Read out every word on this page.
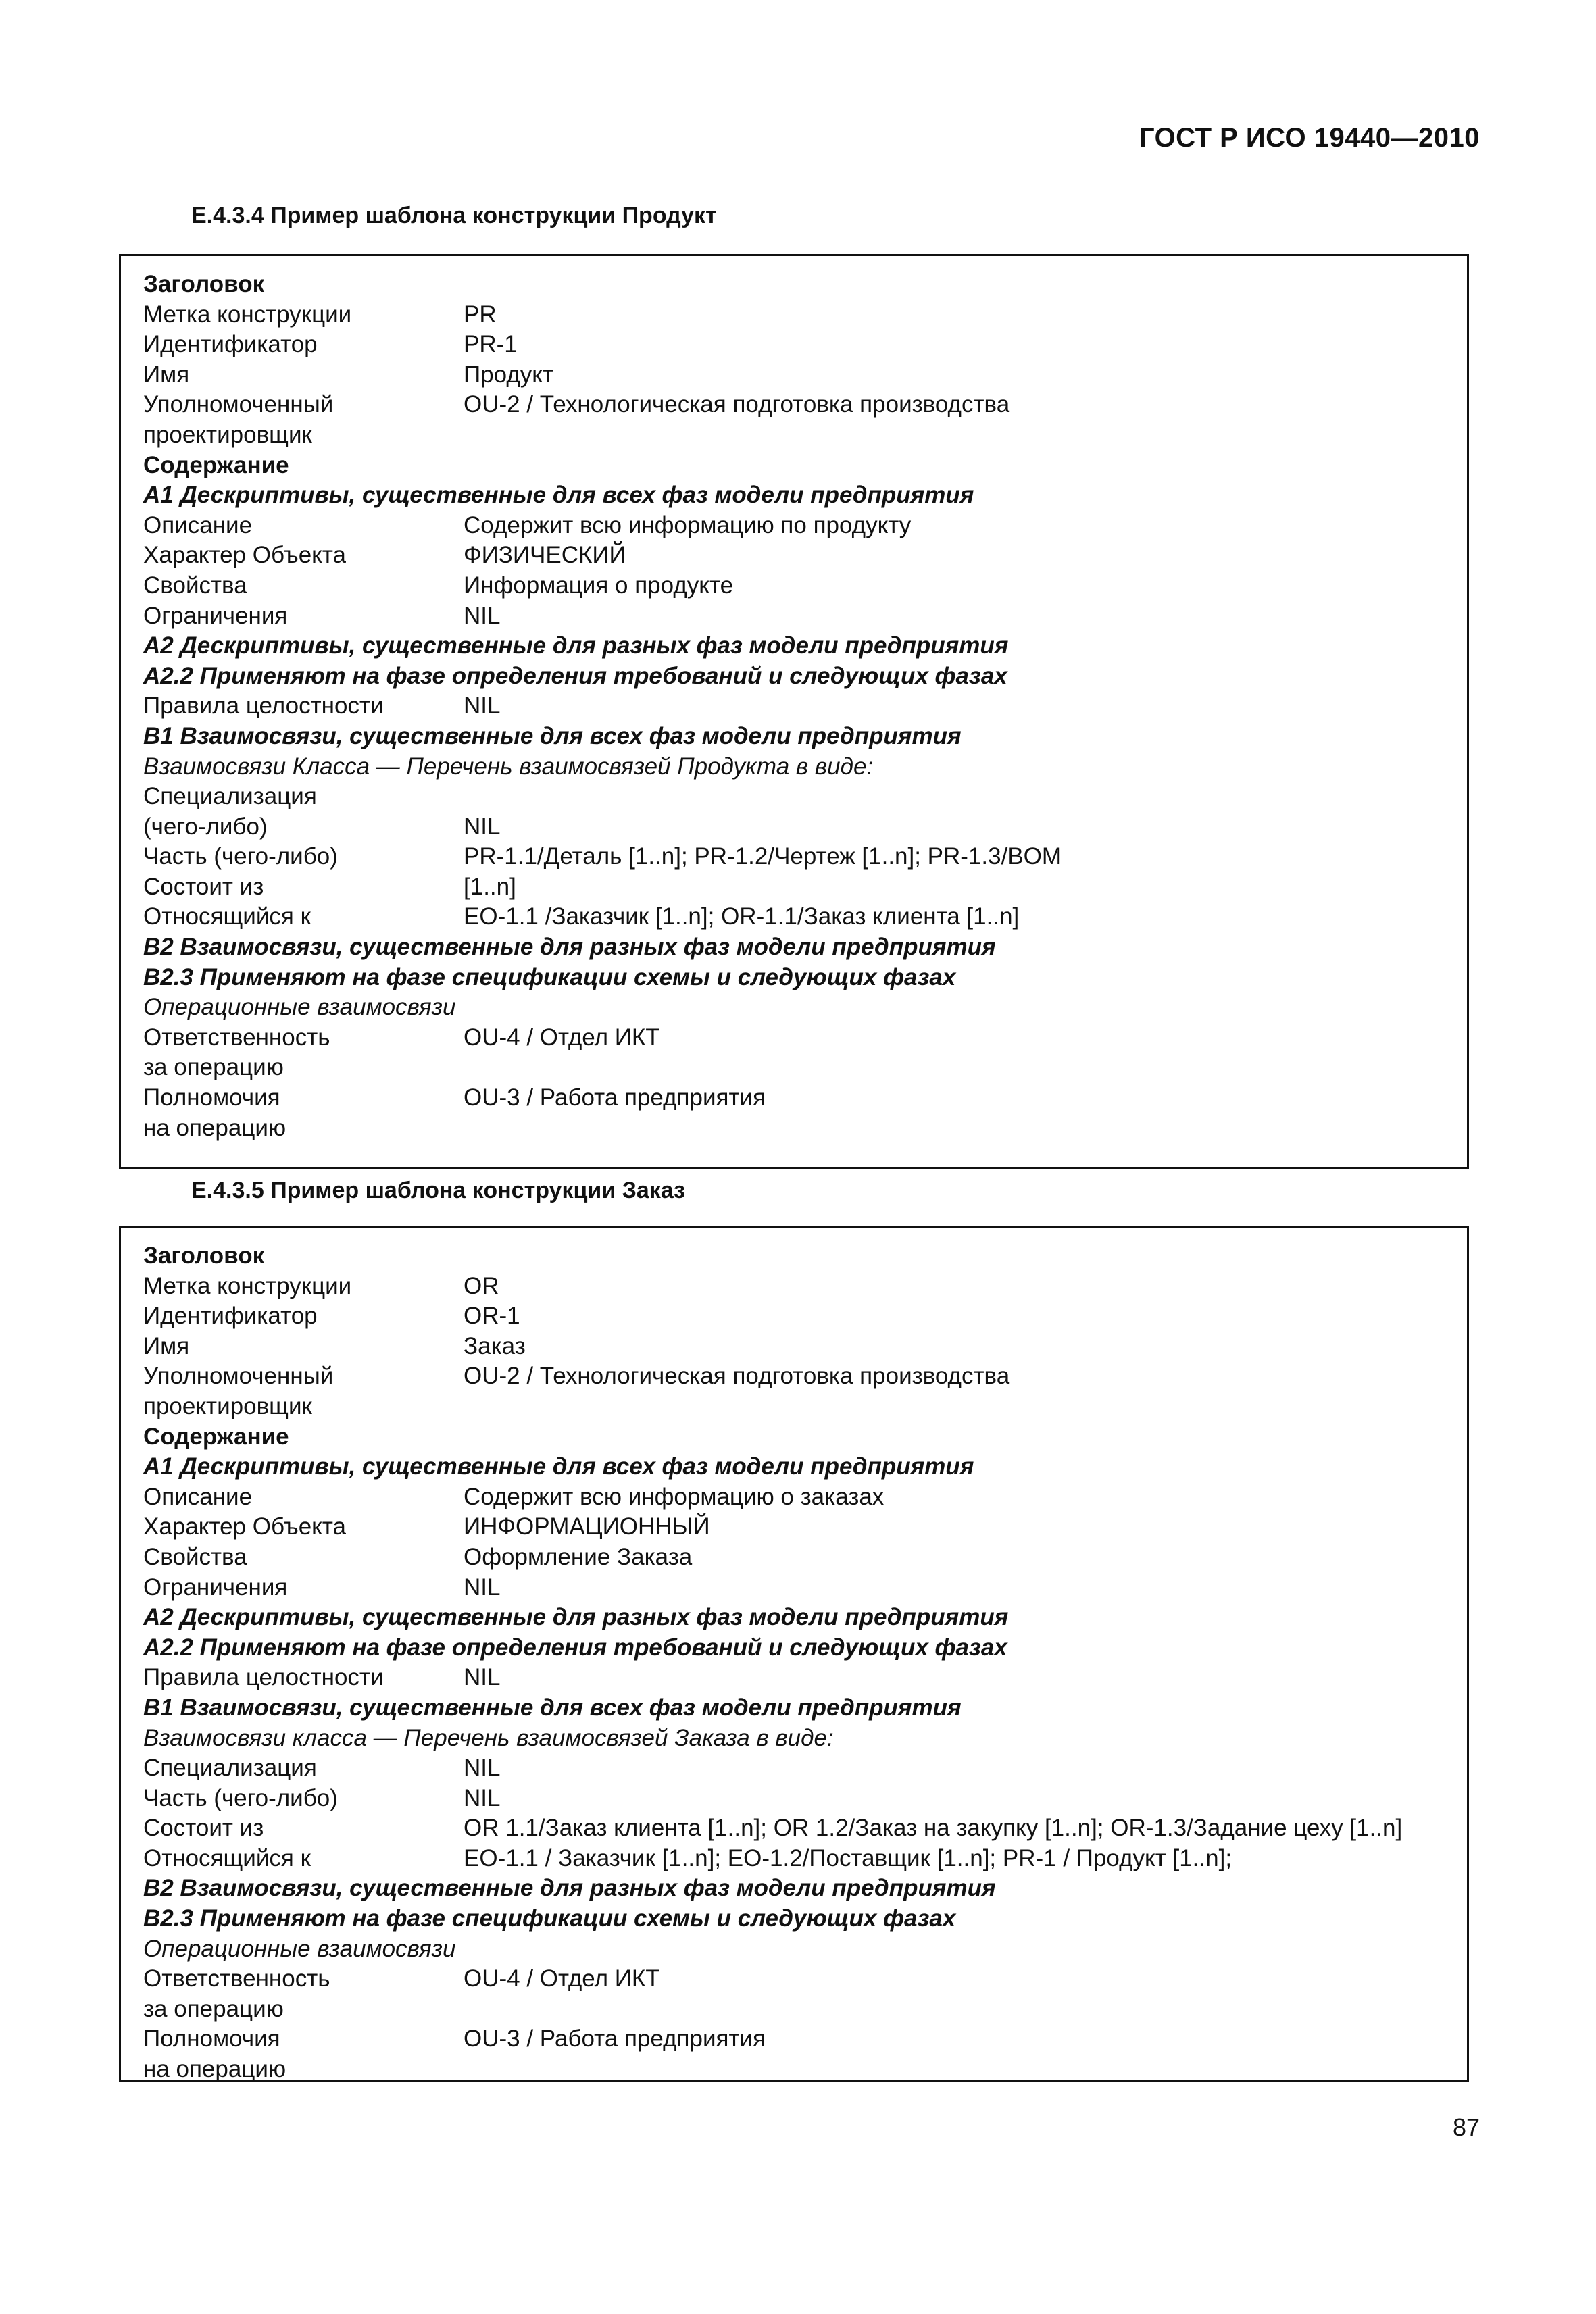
ГОСТ Р ИСО 19440—2010
Е.4.3.4 Пример шаблона конструкции Продукт
Заголовок
Метка конструкции	PR
Идентификатор	PR-1
Имя	Продукт
Уполномоченный	OU-2 / Технологическая подготовка производства
проектировщик
Содержание
А1 Дескриптивы, существенные для всех фаз модели предприятия
Описание	Содержит всю информацию по продукту
Характер Объекта	ФИЗИЧЕСКИЙ
Свойства	Информация о продукте
Ограничения	NIL
А2 Дескриптивы, существенные для разных фаз модели предприятия
А2.2 Применяют на фазе определения требований и следующих фазах
Правила целостности	NIL
В1 Взаимосвязи, существенные для всех фаз модели предприятия
Взаимосвязи Класса — Перечень взаимосвязей Продукта в виде:
Специализация
(чего-либо)	NIL
Часть (чего-либо)	PR-1.1/Деталь [1..n]; PR-1.2/Чертеж [1..n]; PR-1.3/BOM
Состоит из	[1..n]
Относящийся к	ЕО-1.1 /Заказчик [1..n]; OR-1.1/Заказ клиента [1..n]
В2 Взаимосвязи, существенные для разных фаз модели предприятия
В2.3 Применяют на фазе спецификации схемы и следующих фазах
Операционные взаимосвязи
Ответственность	OU-4 / Отдел ИКТ
за операцию
Полномочия	OU-3 / Работа предприятия
на операцию
Е.4.3.5 Пример шаблона конструкции Заказ
Заголовок
Метка конструкции	OR
Идентификатор	OR-1
Имя	Заказ
Уполномоченный	OU-2 / Технологическая подготовка производства
проектировщик
Содержание
А1 Дескриптивы, существенные для всех фаз модели предприятия
Описание	Содержит всю информацию о заказах
Характер Объекта	ИНФОРМАЦИОННЫЙ
Свойства	Оформление Заказа
Ограничения	NIL
А2 Дескриптивы, существенные для разных фаз модели предприятия
А2.2 Применяют на фазе определения требований и следующих фазах
Правила целостности	NIL
В1 Взаимосвязи, существенные для всех фаз модели предприятия
Взаимосвязи класса — Перечень взаимосвязей Заказа в виде:
Специализация	NIL
Часть (чего-либо)	NIL
Состоит из	OR 1.1/Заказ клиента [1..n]; OR 1.2/Заказ на закупку [1..n]; OR-1.3/Задание цеху [1..n]
Относящийся к	ЕО-1.1 / Заказчик [1..n]; ЕО-1.2/Поставщик [1..n]; PR-1 / Продукт [1..n];
В2 Взаимосвязи, существенные для разных фаз модели предприятия
В2.3 Применяют на фазе спецификации схемы и следующих фазах
Операционные взаимосвязи
Ответственность	OU-4 / Отдел ИКТ
за операцию
Полномочия	OU-3 / Работа предприятия
на операцию
87
